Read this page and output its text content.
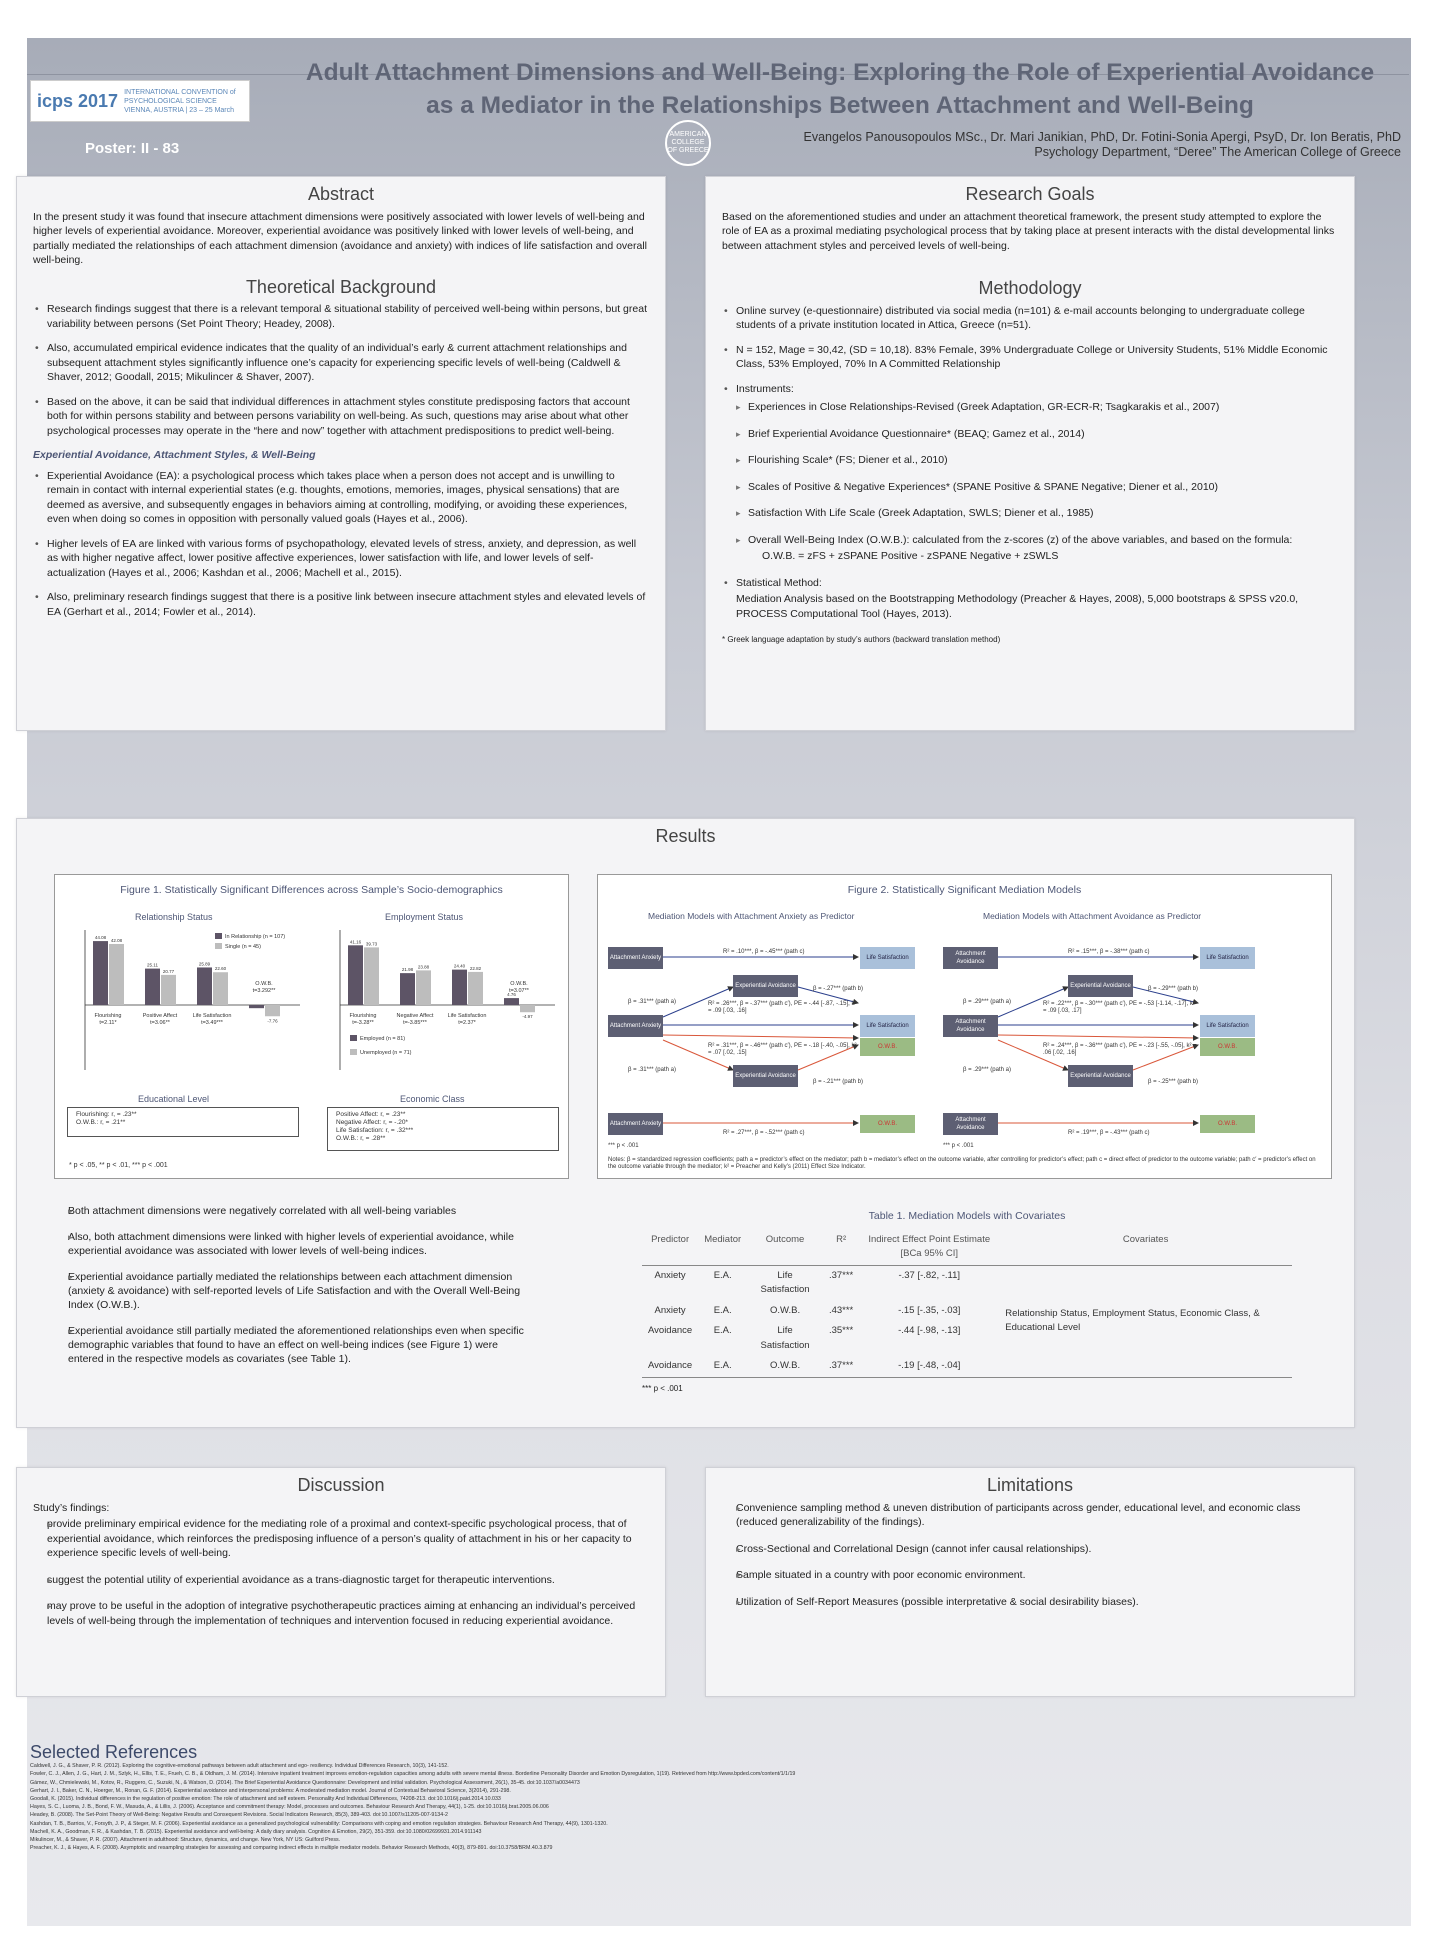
icps 2017 INTERNATIONAL CONVENTION of
PSYCHOLOGICAL SCIENCE
VIENNA, AUSTRIA | 23 – 25 March
Poster: II - 83
Adult Attachment Dimensions and Well-Being: Exploring the Role of Experiential Avoidance
as a Mediator in the Relationships Between Attachment and Well-Being
AMERICAN COLLEGE OF GREECE
Evangelos Panousopoulos MSc., Dr. Mari Janikian, PhD, Dr. Fotini-Sonia Apergi, PsyD, Dr. Ion Beratis, PhD
Psychology Department, “Deree” The American College of Greece
Abstract

In the present study it was found that insecure attachment dimensions were positively associated with lower levels of well-being and higher levels of experiential avoidance. Moreover, experiential avoidance was positively linked with lower levels of well-being, and partially mediated the relationships of each attachment dimension (avoidance and anxiety) with indices of life satisfaction and overall well-being.

Theoretical Background
• Research findings suggest that there is a relevant temporal & situational stability of perceived well-being within persons, but great variability between persons (Set Point Theory; Headey, 2008).
• Also, accumulated empirical evidence indicates that the quality of an individual’s early & current attachment relationships and subsequent attachment styles significantly influence one’s capacity for experiencing specific levels of well-being (Caldwell & Shaver, 2012; Goodall, 2015; Mikulincer & Shaver, 2007).
• Based on the above, it can be said that individual differences in attachment styles constitute predisposing factors that account both for within persons stability and between persons variability on well-being. As such, questions may arise about what other psychological processes may operate in the “here and now” together with attachment predispositions to predict well-being.
Experiential Avoidance, Attachment Styles, & Well-Being
• Experiential Avoidance (EA): a psychological process which takes place when a person does not accept and is unwilling to remain in contact with internal experiential states (e.g. thoughts, emotions, memories, images, physical sensations) that are deemed as aversive, and subsequently engages in behaviors aiming at controlling, modifying, or avoiding these experiences, even when doing so comes in opposition with personally valued goals (Hayes et al., 2006).
• Higher levels of EA are linked with various forms of psychopathology, elevated levels of stress, anxiety, and depression, as well as with higher negative affect, lower positive affective experiences, lower satisfaction with life, and lower levels of self-actualization (Hayes et al., 2006; Kashdan et al., 2006; Machell et al., 2015).
• Also, preliminary research findings suggest that there is a positive link between insecure attachment styles and elevated levels of EA (Gerhart et al., 2014; Fowler et al., 2014).
Research Goals

Based on the aforementioned studies and under an attachment theoretical framework, the present study attempted to explore the role of EA as a proximal mediating psychological process that by taking place at present interacts with the distal developmental links between attachment styles and perceived levels of well-being.

Methodology
• Online survey (e-questionnaire) distributed via social media (n=101) & e-mail accounts belonging to undergraduate college students of a private institution located in Attica, Greece (n=51).
• N = 152, Mage = 30,42, (SD = 10,18). 83% Female, 39% Undergraduate College or University Students, 51% Middle Economic Class, 53% Employed, 70% In A Committed Relationship
• Instruments:
▸ Experiences in Close Relationships-Revised (Greek Adaptation, GR-ECR-R; Tsagkarakis et al., 2007)
▸ Brief Experiential Avoidance Questionnaire* (BEAQ; Gamez et al., 2014)
▸ Flourishing Scale* (FS; Diener et al., 2010)
▸ Scales of Positive & Negative Experiences* (SPANE Positive & SPANE Negative; Diener et al., 2010)
▸ Satisfaction With Life Scale (Greek Adaptation, SWLS; Diener et al., 1985)
▸ Overall Well-Being Index (O.W.B.): calculated from the z-scores (z) of the above variables, and based on the formula:
O.W.B. = zFS + zSPANE Positive - zSPANE Negative + zSWLS
• Statistical Method:
Mediation Analysis based on the Bootstrapping Methodology (Preacher & Hayes, 2008), 5,000 bootstraps & SPSS v20.0, PROCESS Computational Tool (Hayes, 2013).
* Greek language adaptation by study’s authors (backward translation method)
Results
Figure 1. Statistically Significant Differences across Sample’s Socio-demographics
Relationship Status	Employment Status
44.08
42.08
Flourishing
t=2.11*
25.11
20.77
Positive Affect
t=3.06**
25.89
22.60
Life Satisfaction
t=3.49***	-7.76
O.W.B.
t=3.292**
In Relationship (n = 107)
Single (n = 45)
41.16 39.73
Flourishing
t=-3.28**
21.98
23.88
Negative Affect
t=-3.85***
24.40 22.82
Life Satisfaction
t=2.37*
4.76
-4.97
O.W.B.
t=3.07**
Employed (n = 81)
Unemployed (n = 71)
Educational Level	Economic Class
Flourishing: r, = .23**
O.W.B.: r, = .21**
Positive Affect: r, = .23**
Negative Affect: r, = -.20*
Life Satisfaction: r, = .32***
O.W.B.: r, = .28**
* p < .05, ** p < .01, *** p < .001
Figure 2. Statistically Significant Mediation Models
Mediation Models with Attachment Anxiety as Predictor	Mediation Models with Attachment Avoidance as Predictor
Attachment Anxiety	Life Satisfaction
Experiential Avoidance
Attachment Anxiety	Life Satisfaction
O.W.B.
Experiential Avoidance
Attachment Anxiety	O.W.B.
R² = .10***, β = -.45*** (path c)
β = .31*** (path a)
β = -.27*** (path b)
R² = .26***, β = -.37*** (path c′), PE = -.44 [-.87, -.15], k² = .09 [.03, .16]
R² = .31***, β = -.46*** (path c′), PE = -.18 [-.40, -.05], k² = .07 [.02, .15]
β = .31*** (path a)
β = -.21*** (path b)
R² = .27***, β = -.52*** (path c)
Attachment Avoidance
Life Satisfaction
Experiential Avoidance
Attachment Avoidance
Life Satisfaction
O.W.B.
Experiential Avoidance
Attachment Avoidance
O.W.B.
R² = .15***, β = -.38*** (path c)
β = .29*** (path a)
β = -.29*** (path b)
R² = .22***, β = -.30*** (path c′), PE = -.53 [-1.14, -.17], k² = .09 [.03, .17]
R² = .24***, β = -.36*** (path c′), PE = -.23 [-.55, -.05], k² = .06 [.02, .16]
β = .29*** (path a)
β = -.25*** (path b)
R² = .19***, β = -.43*** (path c)
*** p < .001	*** p < .001
Notes: β = standardized regression coefficients; path a = predictor’s effect on the mediator; path b = mediator’s effect on the outcome variable, after controlling for predictor’s effect; path c = direct effect of predictor to the outcome variable; path c′ = predictor’s effect on the outcome variable through the mediator; k² = Preacher and Kelly’s (2011) Effect Size Indicator.
▸ Both attachment dimensions were negatively correlated with all well-being variables
▸ Also, both attachment dimensions were linked with higher levels of experiential avoidance, while experiential avoidance was associated with lower levels of well-being indices.
▸ Experiential avoidance partially mediated the relationships between each attachment dimension (anxiety & avoidance) with self-reported levels of Life Satisfaction and with the Overall Well-Being Index (O.W.B.).
▸ Experiential avoidance still partially mediated the aforementioned relationships even when specific demographic variables that found to have an effect on well-being indices (see Figure 1) were entered in the respective models as covariates (see Table 1).
Table 1. Mediation Models with Covariates
Predictor	Mediator	Outcome	R²	Indirect Effect Point Estimate [BCa 95% CI]	Covariates
Anxiety	E.A.	Life Satisfaction	.37***	-.37 [-.82, -.11]	Relationship Status, Employment Status, Economic Class, & Educational Level
Anxiety	E.A.	O.W.B.	.43***	-.15 [-.35, -.03]	
Avoidance	E.A.	Life Satisfaction	.35***	-.44 [-.98, -.13]	
Avoidance	E.A.	O.W.B.	.37***	-.19 [-.48, -.04]	
*** p < .001
Discussion
Study’s findings:
▸ provide preliminary empirical evidence for the mediating role of a proximal and context-specific psychological process, that of experiential avoidance, which reinforces the predisposing influence of a person’s quality of attachment in his or her capacity to experience specific levels of well-being.
▸ suggest the potential utility of experiential avoidance as a trans-diagnostic target for therapeutic interventions.
▸ may prove to be useful in the adoption of integrative psychotherapeutic practices aiming at enhancing an individual’s perceived levels of well-being through the implementation of techniques and intervention focused in reducing experiential avoidance.
Limitations
▸ Convenience sampling method & uneven distribution of participants across gender, educational level, and economic class (reduced generalizability of the findings).
▸ Cross-Sectional and Correlational Design (cannot infer causal relationships).
▸ Sample situated in a country with poor economic environment.
▸ Utilization of Self-Report Measures (possible interpretative & social desirability biases).
Selected References
Caldwell, J. G., & Shaver, P. R. (2012). Exploring the cognitive-emotional pathways between adult attachment and ego- resiliency. Individual Differences Research, 10(3), 141-152.
Fowler, C. J., Allen, J. G., Hart, J. M., Szlyk, H., Ellis, T. E., Frueh, C. B., & Oldham, J. M. (2014). Intensive inpatient treatment improves emotion-regulation capacities among adults with severe mental illness. Borderline Personality Disorder and Emotion Dysregulation, 1(19). Retrieved from http://www.bpded.com/content/1/1/19
Gámez, W., Chmielewski, M., Kotov, R., Ruggero, C., Suzuki, N., & Watson, D. (2014). The Brief Experiential Avoidance Questionnaire: Development and initial validation. Psychological Assessment, 26(1), 35-45. doi:10.1037/a0034473
Gerhart, J. I., Baker, C. N., Hoerger, M., Ronan, G. F. (2014). Experiential avoidance and interpersonal problems: A moderated mediation model. Journal of Contextual Behavioral Science, 3(2014), 291-298.
Goodall, K. (2015). Individual differences in the regulation of positive emotion: The role of attachment and self esteem. Personality And Individual Differences, 74208-213. doi:10.1016/j.paid.2014.10.033
Hayes, S. C., Luoma, J. B., Bond, F. W., Masuda, A., & Lillis, J. (2006). Acceptance and commitment therapy: Model, processes and outcomes. Behaviour Research And Therapy, 44(1), 1-25. doi:10.1016/j.brat.2005.06.006
Headey, B. (2008). The Set-Point Theory of Well-Being: Negative Results and Consequent Revisions. Social Indicators Research, 85(3), 389-403. doi:10.1007/s11205-007-9134-2
Kashdan, T. B., Barrios, V., Forsyth, J. P., & Steger, M. F. (2006). Experiential avoidance as a generalized psychological vulnerability: Comparisons with coping and emotion regulation strategies. Behaviour Research And Therapy, 44(9), 1301-1320.
Machell, K. A., Goodman, F. R., & Kashdan, T. B. (2015). Experiential avoidance and well-being: A daily diary analysis. Cognition & Emotion, 29(2), 351-359. doi:10.1080/02699931.2014.911143
Mikulincer, M., & Shaver, P. R. (2007). Attachment in adulthood: Structure, dynamics, and change. New York, NY US: Guilford Press.
Preacher, K. J., & Hayes, A. F. (2008). Asymptotic and resampling strategies for assessing and comparing indirect effects in multiple mediator models. Behavior Research Methods, 40(3), 879-891. doi:10.3758/BRM.40.3.879
